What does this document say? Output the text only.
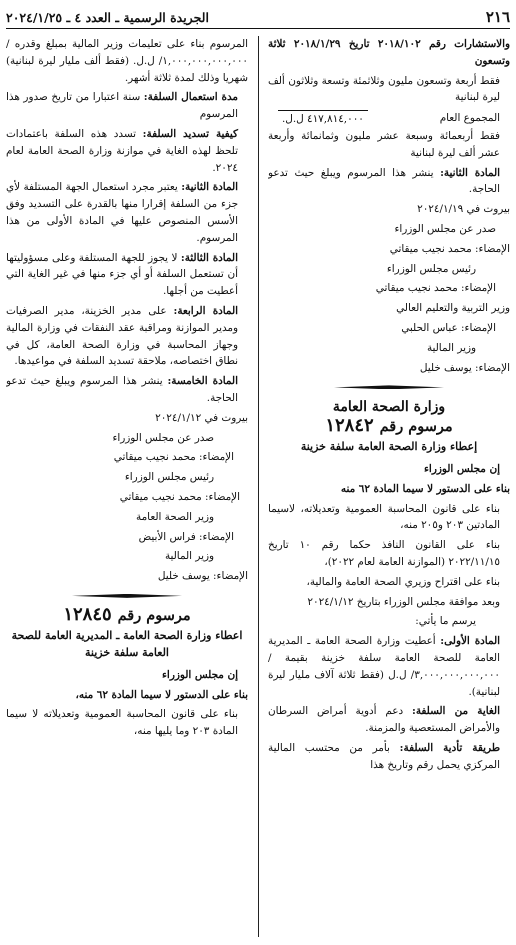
٢١٦
الجريدة الرسمية ـ العدد ٤ ـ ٢٠٢٤/١/٢٥

والاستشارات رقم ٢٠١٨/١٠٢ تاريخ ٢٠١٨/١/٢٩ ثلاثة وتسعون

فقط أربعة وتسعون مليون وثلاثمئة وتسعة وثلاثون ألف ليرة لبنانية

المجموع العام
٤١٧,٨١٤,٠٠٠ ل.ل.

فقط أربعمائة وسبعة عشر مليون وثمانمائة وأربعة عشر ألف ليرة لبنانية

المادة الثانية: ينشر هذا المرسوم ويبلغ حيث تدعو الحاجة.

بيروت في ٢٠٢٤/١/١٩

صدر عن مجلس الوزراء

الإمضاء: محمد نجيب ميقاتي

رئيس مجلس الوزراء

الإمضاء: محمد نجيب ميقاتي

وزير التربية والتعليم العالي

الإمضاء: عباس الحلبي

وزير المالية

الإمضاء: يوسف خليل

وزارة الصحة العامة
مرسوم رقم١٢٨٤٢
إعطاء وزارة الصحة العامة سلفة خزينة

إن مجلس الوزراء

بناء على الدستور لا سيما المادة ٦٢ منه

بناء على قانون المحاسبة العمومية وتعديلاته، لاسيما المادتين ٢٠٣ و٢٠٥ منه،

بناء على القانون النافذ حكما رقم ١٠ تاريخ ٢٠٢٢/١١/١٥ (الموازنة العامة لعام ٢٠٢٢)،

بناء على اقتراح وزيري الصحة العامة والمالية،

وبعد موافقة مجلس الوزراء بتاريخ ٢٠٢٤/١/١٢

يرسم ما يأتي:

المادة الأولى: أعطيت وزارة الصحة العامة ـ المديرية العامة للصحة العامة سلفة خزينة بقيمة /٣,٠٠٠,٠٠٠,٠٠٠,٠٠٠/ ل.ل (فقط ثلاثة آلاف مليار ليرة لبنانية).

الغاية من السلفة: دعم أدوية أمراض السرطان والأمراض المستعصية والمزمنة.

طريقة تأدية السلفة: بأمر من محتسب المالية المركزي يحمل رقم وتاريخ هذا

المرسوم بناء على تعليمات وزير المالية بمبلغ وقدره /١,٠٠٠,٠٠٠,٠٠٠,٠٠٠/ ل.ل. (فقط ألف مليار ليرة لبنانية) شهريا وذلك لمدة ثلاثة أشهر.

مدة استعمال السلفة: سنة اعتبارا من تاريخ صدور هذا المرسوم

كيفية تسديد السلفة: تسدد هذه السلفة باعتمادات تلحظ لهذه الغاية في موازنة وزارة الصحة العامة لعام ٢٠٢٤.

المادة الثانية: يعتبر مجرد استعمال الجهة المستلفة لأي جزء من السلفة إقرارا منها بالقدرة على التسديد وفق الأسس المنصوص عليها في المادة الأولى من هذا المرسوم.

المادة الثالثة: لا يجوز للجهة المستلفة وعلى مسؤوليتها أن تستعمل السلفة أو أي جزء منها في غير الغاية التي أعطيت من أجلها.

المادة الرابعة: على مدير الخزينة، مدير الصرفيات ومدير الموازنة ومراقبة عقد النفقات في وزارة المالية وجهاز المحاسبة في وزارة الصحة العامة، كل في نطاق اختصاصه، ملاحقة تسديد السلفة في مواعيدها.

المادة الخامسة: ينشر هذا المرسوم ويبلغ حيث تدعو الحاجة.

بيروت في ٢٠٢٤/١/١٢

صدر عن مجلس الوزراء

الإمضاء: محمد نجيب ميقاتي

رئيس مجلس الوزراء

الإمضاء: محمد نجيب ميقاتي

وزير الصحة العامة

الإمضاء: فراس الأبيض

وزير المالية

الإمضاء: يوسف خليل

مرسوم رقم١٢٨٤٥
اعطاء وزارة الصحة العامة ـ المديرية العامة للصحة العامة سلفة خزينة

إن مجلس الوزراء

بناء على الدستور لا سيما المادة ٦٢ منه،

بناء على قانون المحاسبة العمومية وتعديلاته لا سيما المادة ٢٠٣ وما يليها منه،
